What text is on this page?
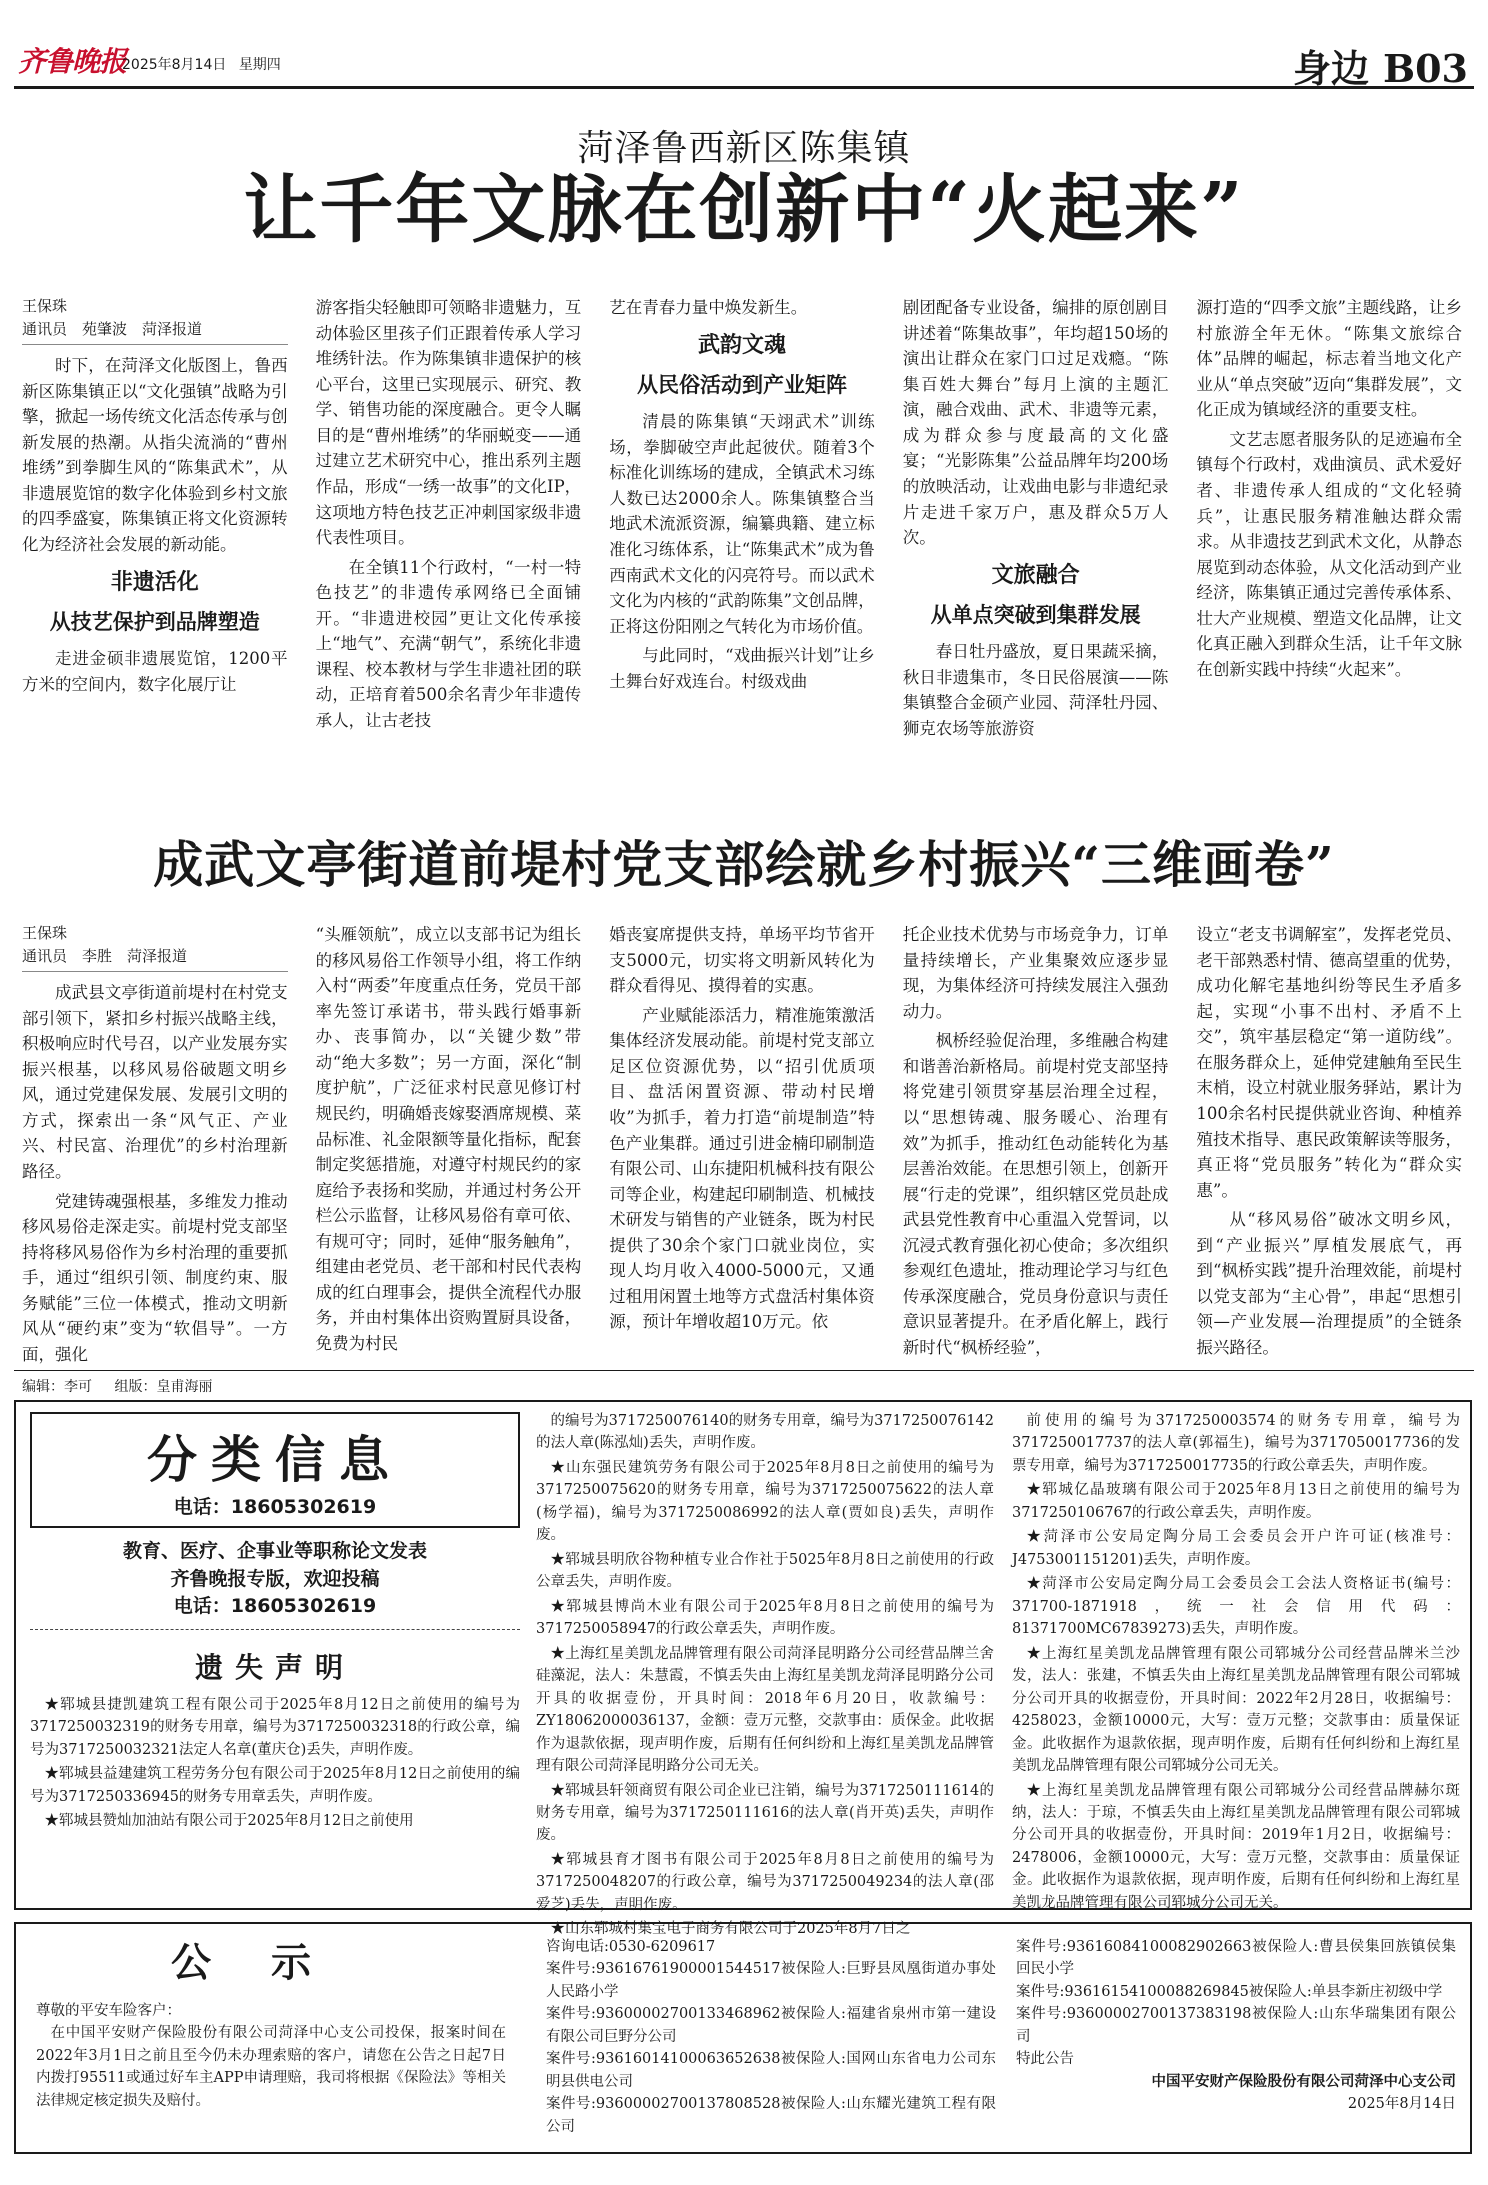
齐鲁晚报
2025年8月14日 星期四	身边 B03
菏泽鲁西新区陈集镇
让千年文脉在创新中“火起来”
王保珠
通讯员　苑肇波　菏泽报道

时下，在菏泽文化版图上，鲁西新区陈集镇正以“文化强镇”战略为引擎，掀起一场传统文化活态传承与创新发展的热潮。从指尖流淌的“曹州堆绣”到拳脚生风的“陈集武术”，从非遗展览馆的数字化体验到乡村文旅的四季盛宴，陈集镇正将文化资源转化为经济社会发展的新动能。

非遗活化
从技艺保护到品牌塑造

走进金硕非遗展览馆，1200平方米的空间内，数字化展厅让

游客指尖轻触即可领略非遗魅力，互动体验区里孩子们正跟着传承人学习堆绣针法。作为陈集镇非遗保护的核心平台，这里已实现展示、研究、教学、销售功能的深度融合。更令人瞩目的是“曹州堆绣”的华丽蜕变——通过建立艺术研究中心，推出系列主题作品，形成“一绣一故事”的文化IP，这项地方特色技艺正冲刺国家级非遗代表性项目。

在全镇11个行政村，“一村一特色技艺”的非遗传承网络已全面铺开。“非遗进校园”更让文化传承接上“地气”、充满“朝气”，系统化非遗课程、校本教材与学生非遗社团的联动，正培育着500余名青少年非遗传承人，让古老技

艺在青春力量中焕发新生。

武韵文魂
从民俗活动到产业矩阵

清晨的陈集镇“天翊武术”训练场，拳脚破空声此起彼伏。随着3个标准化训练场的建成，全镇武术习练人数已达2000余人。陈集镇整合当地武术流派资源，编纂典籍、建立标准化习练体系，让“陈集武术”成为鲁西南武术文化的闪亮符号。而以武术文化为内核的“武韵陈集”文创品牌，正将这份阳刚之气转化为市场价值。

与此同时，“戏曲振兴计划”让乡土舞台好戏连台。村级戏曲

剧团配备专业设备，编排的原创剧目讲述着“陈集故事”，年均超150场的演出让群众在家门口过足戏瘾。“陈集百姓大舞台”每月上演的主题汇演，融合戏曲、武术、非遗等元素，成为群众参与度最高的文化盛宴；“光影陈集”公益品牌年均200场的放映活动，让戏曲电影与非遗纪录片走进千家万户，惠及群众5万人次。

文旅融合
从单点突破到集群发展

春日牡丹盛放，夏日果蔬采摘，秋日非遗集市，冬日民俗展演——陈集镇整合金硕产业园、菏泽牡丹园、狮克农场等旅游资

源打造的“四季文旅”主题线路，让乡村旅游全年无休。“陈集文旅综合体”品牌的崛起，标志着当地文化产业从“单点突破”迈向“集群发展”，文化正成为镇域经济的重要支柱。

文艺志愿者服务队的足迹遍布全镇每个行政村，戏曲演员、武术爱好者、非遗传承人组成的“文化轻骑兵”，让惠民服务精准触达群众需求。从非遗技艺到武术文化，从静态展览到动态体验，从文化活动到产业经济，陈集镇正通过完善传承体系、壮大产业规模、塑造文化品牌，让文化真正融入到群众生活，让千年文脉在创新实践中持续“火起来”。

成武文亭街道前堤村党支部绘就乡村振兴“三维画卷”
王保珠
通讯员　李胜　菏泽报道

成武县文亭街道前堤村在村党支部引领下，紧扣乡村振兴战略主线，积极响应时代号召，以产业发展夯实振兴根基，以移风易俗破题文明乡风，通过党建保发展、发展引文明的方式，探索出一条“风气正、产业兴、村民富、治理优”的乡村治理新路径。

党建铸魂强根基，多维发力推动移风易俗走深走实。前堤村党支部坚持将移风易俗作为乡村治理的重要抓手，通过“组织引领、制度约束、服务赋能”三位一体模式，推动文明新风从“硬约束”变为“软倡导”。一方面，强化

“头雁领航”，成立以支部书记为组长的移风易俗工作领导小组，将工作纳入村“两委”年度重点任务，党员干部率先签订承诺书，带头践行婚事新办、丧事简办，以“关键少数”带动“绝大多数”；另一方面，深化“制度护航”，广泛征求村民意见修订村规民约，明确婚丧嫁娶酒席规模、菜品标准、礼金限额等量化指标，配套制定奖惩措施，对遵守村规民约的家庭给予表扬和奖励，并通过村务公开栏公示监督，让移风易俗有章可依、有规可守；同时，延伸“服务触角”，组建由老党员、老干部和村民代表构成的红白理事会，提供全流程代办服务，并由村集体出资购置厨具设备，免费为村民

婚丧宴席提供支持，单场平均节省开支5000元，切实将文明新风转化为群众看得见、摸得着的实惠。

产业赋能添活力，精准施策激活集体经济发展动能。前堤村党支部立足区位资源优势，以“招引优质项目、盘活闲置资源、带动村民增收”为抓手，着力打造“前堤制造”特色产业集群。通过引进金楠印刷制造有限公司、山东捷阳机械科技有限公司等企业，构建起印刷制造、机械技术研发与销售的产业链条，既为村民提供了30余个家门口就业岗位，实现人均月收入4000-5000元，又通过租用闲置土地等方式盘活村集体资源，预计年增收超10万元。依

托企业技术优势与市场竞争力，订单量持续增长，产业集聚效应逐步显现，为集体经济可持续发展注入强劲动力。

枫桥经验促治理，多维融合构建和谐善治新格局。前堤村党支部坚持将党建引领贯穿基层治理全过程，以“思想铸魂、服务暖心、治理有效”为抓手，推动红色动能转化为基层善治效能。在思想引领上，创新开展“行走的党课”，组织辖区党员赴成武县党性教育中心重温入党誓词，以沉浸式教育强化初心使命；多次组织参观红色遗址，推动理论学习与红色传承深度融合，党员身份意识与责任意识显著提升。在矛盾化解上，践行新时代“枫桥经验”，

设立“老支书调解室”，发挥老党员、老干部熟悉村情、德高望重的优势，成功化解宅基地纠纷等民生矛盾多起，实现“小事不出村、矛盾不上交”，筑牢基层稳定“第一道防线”。在服务群众上，延伸党建触角至民生末梢，设立村就业服务驿站，累计为100余名村民提供就业咨询、种植养殖技术指导、惠民政策解读等服务，真正将“党员服务”转化为“群众实惠”。

从“移风易俗”破冰文明乡风，到“产业振兴”厚植发展底气，再到“枫桥实践”提升治理效能，前堤村以党支部为“主心骨”，串起“思想引领—产业发展—治理提质”的全链条振兴路径。

编辑：李可 组版：皇甫海丽
分类信息
电话：18605302619
教育、医疗、企事业等职称论文发表
齐鲁晚报专版，欢迎投稿
电话：18605302619
遗失声明

★郓城县捷凯建筑工程有限公司于2025年8月12日之前使用的编号为3717250032319的财务专用章，编号为3717250032318的行政公章，编号为3717250032321法定人名章(董庆仓)丢失，声明作废。

★郓城县益建建筑工程劳务分包有限公司于2025年8月12日之前使用的编号为3717250336945的财务专用章丢失，声明作废。

★郓城县赞灿加油站有限公司于2025年8月12日之前使用

的编号为3717250076140的财务专用章，编号为3717250076142的法人章(陈泓灿)丢失，声明作废。

★山东强民建筑劳务有限公司于2025年8月8日之前使用的编号为3717250075620的财务专用章，编号为3717250075622的法人章(杨学福)，编号为3717250086992的法人章(贾如良)丢失，声明作废。

★郓城县明欣谷物种植专业合作社于5025年8月8日之前使用的行政公章丢失，声明作废。

★郓城县博尚木业有限公司于2025年8月8日之前使用的编号为3717250058947的行政公章丢失，声明作废。

★上海红星美凯龙品牌管理有限公司菏泽昆明路分公司经营品牌兰舍硅藻泥，法人：朱慧霞，不慎丢失由上海红星美凯龙菏泽昆明路分公司开具的收据壹份，开具时间：2018年6月20日，收款编号：ZY18062000036137，金额：壹万元整，交款事由：质保金。此收据作为退款依据，现声明作废，后期有任何纠纷和上海红星美凯龙品牌管理有限公司菏泽昆明路分公司无关。

★郓城县轩领商贸有限公司企业已注销，编号为3717250111614的财务专用章，编号为3717250111616的法人章(肖开英)丢失，声明作废。

★郓城县育才图书有限公司于2025年8月8日之前使用的编号为3717250048207的行政公章，编号为3717250049234的法人章(邵爱芝)丢失，声明作废。

★山东郓城村集宝电子商务有限公司于2025年8月7日之

前使用的编号为3717250003574的财务专用章，编号为3717250017737的法人章(郭福生)，编号为3717050017736的发票专用章，编号为3717250017735的行政公章丢失，声明作废。

★郓城亿晶玻璃有限公司于2025年8月13日之前使用的编号为3717250106767的行政公章丢失，声明作废。

★菏泽市公安局定陶分局工会委员会开户许可证(核准号：J4753001151201)丢失，声明作废。

★菏泽市公安局定陶分局工会委员会工会法人资格证书(编号：371700-1871918，统一社会信用代码：81371700MC67839273)丢失，声明作废。

★上海红星美凯龙品牌管理有限公司郓城分公司经营品牌米兰沙发，法人：张建，不慎丢失由上海红星美凯龙品牌管理有限公司郓城分公司开具的收据壹份，开具时间：2022年2月28日，收据编号：4258023，金额10000元，大写：壹万元整；交款事由：质量保证金。此收据作为退款依据，现声明作废，后期有任何纠纷和上海红星美凯龙品牌管理有限公司郓城分公司无关。

★上海红星美凯龙品牌管理有限公司郓城分公司经营品牌赫尔斑纳，法人：于琼，不慎丢失由上海红星美凯龙品牌管理有限公司郓城分公司开具的收据壹份，开具时间：2019年1月2日，收据编号：2478006，金额10000元，大写：壹万元整，交款事由：质量保证金。此收据作为退款依据，现声明作废，后期有任何纠纷和上海红星美凯龙品牌管理有限公司郓城分公司无关。

公示
尊敬的平安车险客户：

在中国平安财产保险股份有限公司菏泽中心支公司投保，报案时间在2022年3月1日之前且至今仍未办理索赔的客户，请您在公告之日起7日内拨打95511或通过好车主APP申请理赔，我司将根据《保险法》等相关法律规定核定损失及赔付。

咨询电话:0530-6209617
案件号:93616761900001544517被保险人:巨野县凤凰街道办事处人民路小学
案件号:93600002700133468962被保险人:福建省泉州市第一建设有限公司巨野分公司
案件号:93616014100063652638被保险人:国网山东省电力公司东明县供电公司
案件号:93600002700137808528被保险人:山东耀光建筑工程有限公司
案件号:93616084100082902663被保险人:曹县侯集回族镇侯集回民小学
案件号:93616154100088269845被保险人:单县李新庄初级中学
案件号:93600002700137383198被保险人:山东华瑞集团有限公司
特此公告
中国平安财产保险股份有限公司菏泽中心支公司
2025年8月14日
